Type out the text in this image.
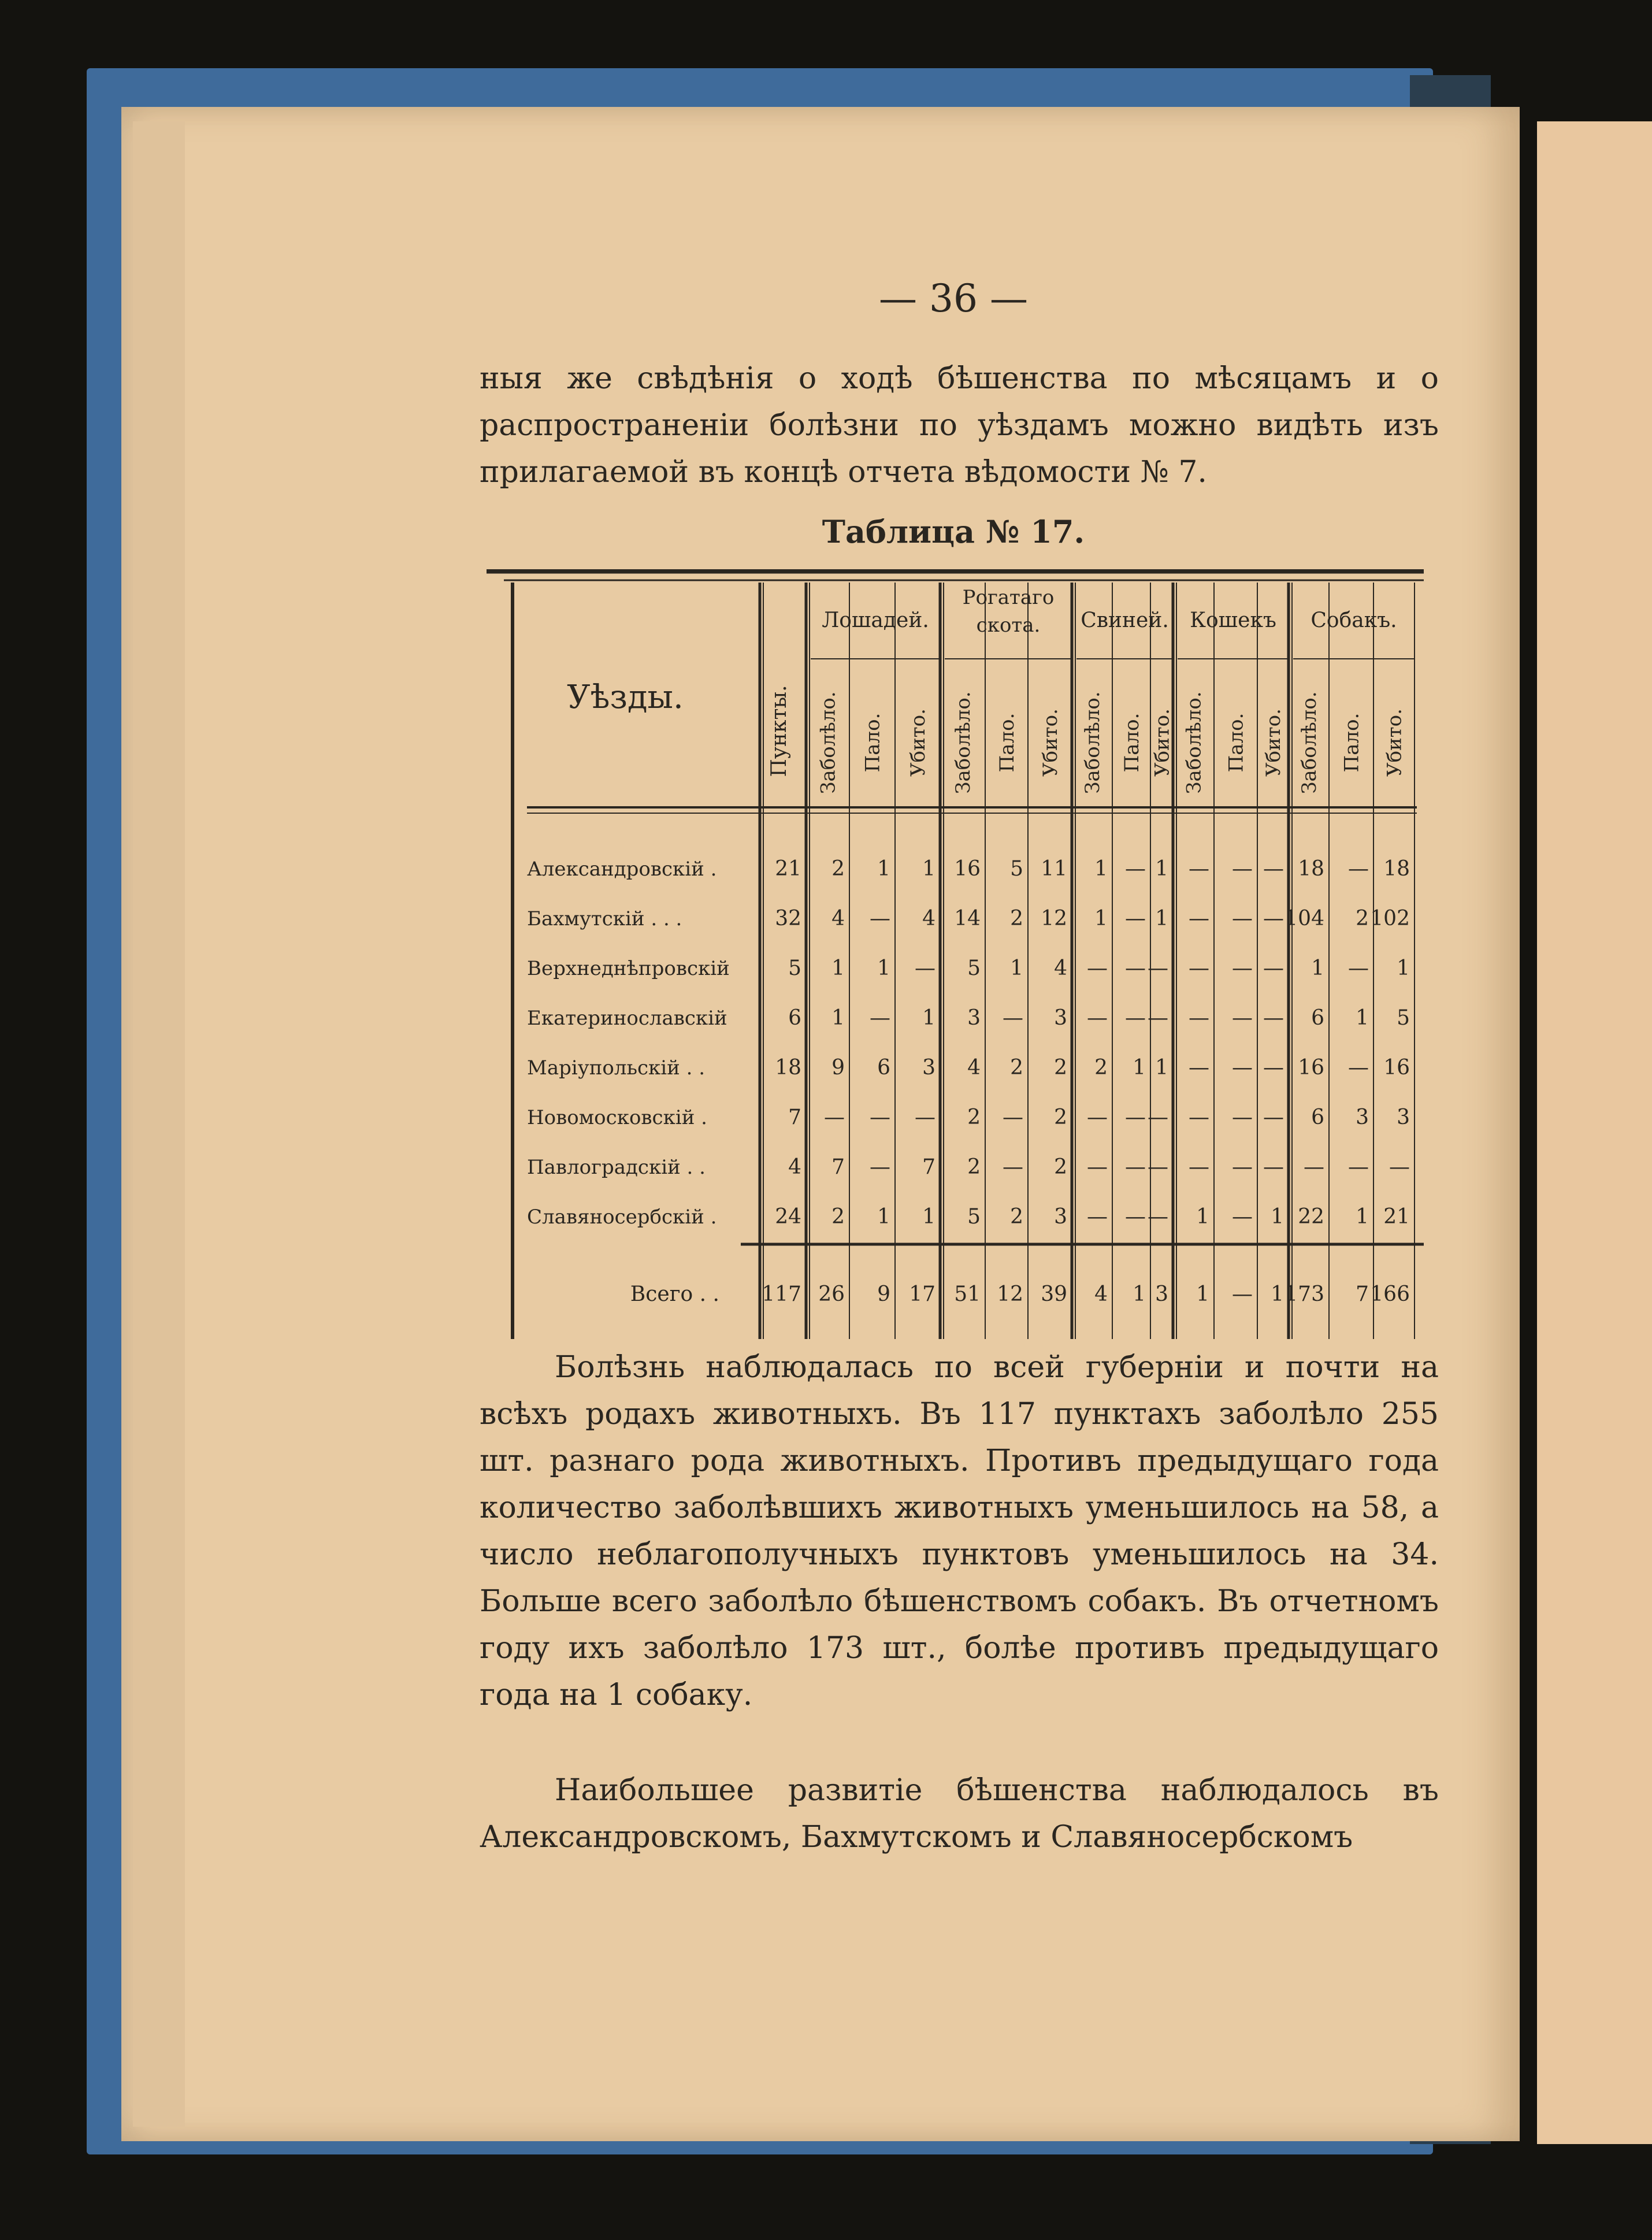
— 36 —

ныя же свѣдѣнія о ходѣ бѣшенства по мѣсяцамъ и о распространеніи болѣзни по уѣздамъ можно видѣть изъ прилагаемой въ концѣ отчета вѣдомости № 7.

Таблица № 17.
Уѣзды.	Пункты.
Лошадей.
Заболѣло. Пало. Убито.
Рогатаго
скота.
Заболѣло. Пало. Убито.
Свиней.
Заболѣло. Пало. Убито.
Кошекъ
Заболѣло. Пало. Убито.
Собакъ.
Заболѣло. Пало. Убито.
Александровскій .	21 2 1 1 16 5 11 1 — 1 — — — 18 — 18
Бахмутскій . . .	32 4 — 4 14 2 12 1 — 1 — — — 104 2 102
Верхнеднѣпровскій	5 1 1 — 5 1 4 — — — — — — 1 — 1
Екатеринославскій	6 1 — 1 3 — 3 — — — — — — 6 1 5
Маріупольскій . .	18 9 6 3 4 2 2 2 1 1 — — — 16 — 16
Новомосковскій .	7 — — — 2 — 2 — — — — — — 6 3 3
Павлоградскій . .	4 7 — 7 2 — 2 — — — — — — — — —
Славяносербскій .	24 2 1 1 5 2 3 — — — 1 — 1 22 1 21
Всего . . 117 26 9 17 51 12 39 4 1 3 1 — 1 173 7 166

Болѣзнь наблюдалась по всей губерніи и почти на всѣхъ родахъ животныхъ. Въ 117 пунктахъ заболѣло 255 шт. разнаго рода животныхъ. Противъ предыдущаго года количество заболѣвшихъ животныхъ уменьшилось на 58, а число неблагополучныхъ пунктовъ уменьшилось на 34. Больше всего заболѣло бѣшенствомъ собакъ. Въ отчетномъ году ихъ заболѣло 173 шт., болѣе противъ предыдущаго года на 1 собаку.

Наибольшее развитіе бѣшенства наблюдалось въ Александровскомъ, Бахмутскомъ и Славяносербскомъ
